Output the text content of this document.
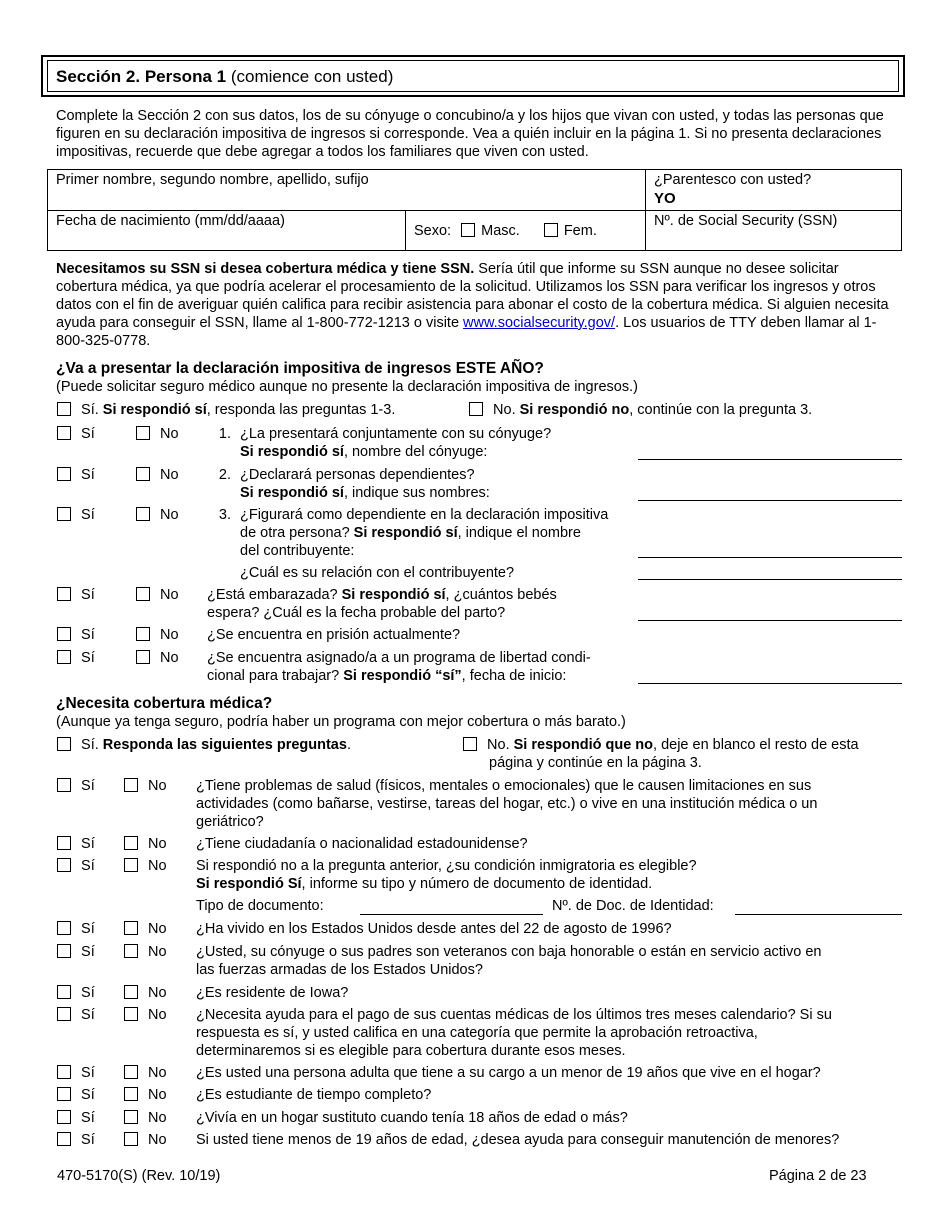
Sección 2. Persona 1 (comience con usted)
Complete la Sección 2 con sus datos, los de su cónyuge o concubino/a y los hijos que vivan con usted, y todas las personas que figuren en su declaración impositiva de ingresos si corresponde. Vea a quién incluir en la página 1. Si no presenta declaraciones impositivas, recuerde que debe agregar a todos los familiares que viven con usted.
Primer nombre, segundo nombre, apellido, sufijo	¿Parentesco con usted?
YO
Fecha de nacimiento (mm/dd/aaaa)
Sexo: Masc.	Fem.
Nº. de Social Security (SSN)
Necesitamos su SSN si desea cobertura médica y tiene SSN. Sería útil que informe su SSN aunque no desee solicitar cobertura médica, ya que podría acelerar el procesamiento de la solicitud. Utilizamos los SSN para verificar los ingresos y otros datos con el fin de averiguar quién califica para recibir asistencia para abonar el costo de la cobertura médica. Si alguien necesita ayuda para conseguir el SSN, llame al 1-800-772-1213 o visite www.socialsecurity.gov/. Los usuarios de TTY deben llamar al 1-800-325-0778.
¿Va a presentar la declaración impositiva de ingresos ESTE AÑO?
(Puede solicitar seguro médico aunque no presente la declaración impositiva de ingresos.)
Sí. Si respondió sí, responda las preguntas 1-3.	No. Si respondió no, continúe con la pregunta 3.
Sí	No	1. ¿La presentará conjuntamente con su cónyuge?
Si respondió sí, nombre del cónyuge:
Sí	No	2. ¿Declarará personas dependientes?
Si respondió sí, indique sus nombres:
Sí	No	3. ¿Figurará como dependiente en la declaración impositiva
de otra persona? Si respondió sí, indique el nombre
del contribuyente:
¿Cuál es su relación con el contribuyente?
Sí	No ¿Está embarazada? Si respondió sí, ¿cuántos bebés
espera? ¿Cuál es la fecha probable del parto?
Sí	No ¿Se encuentra en prisión actualmente?
Sí	No ¿Se encuentra asignado/a a un programa de libertad condi-
cional para trabajar? Si respondió “sí”, fecha de inicio:
¿Necesita cobertura médica?
(Aunque ya tenga seguro, podría haber un programa con mejor cobertura o más barato.)
Sí. Responda las siguientes preguntas.	No. Si respondió que no, deje en blanco el resto de esta
página y continúe en la página 3.
Sí	No ¿Tiene problemas de salud (físicos, mentales o emocionales) que le causen limitaciones en sus
actividades (como bañarse, vestirse, tareas del hogar, etc.) o vive en una institución médica o un
geriátrico?
Sí	No ¿Tiene ciudadanía o nacionalidad estadounidense?
Sí	No Si respondió no a la pregunta anterior, ¿su condición inmigratoria es elegible?
Si respondió Sí, informe su tipo y número de documento de identidad.
Tipo de documento:	Nº. de Doc. de Identidad:
Sí	No ¿Ha vivido en los Estados Unidos desde antes del 22 de agosto de 1996?
Sí	No ¿Usted, su cónyuge o sus padres son veteranos con baja honorable o están en servicio activo en
las fuerzas armadas de los Estados Unidos?
Sí	No ¿Es residente de Iowa?
Sí	No ¿Necesita ayuda para el pago de sus cuentas médicas de los últimos tres meses calendario? Si su
respuesta es sí, y usted califica en una categoría que permite la aprobación retroactiva,
determinaremos si es elegible para cobertura durante esos meses.
Sí	No ¿Es usted una persona adulta que tiene a su cargo a un menor de 19 años que vive en el hogar?
Sí	No ¿Es estudiante de tiempo completo?
Sí	No ¿Vivía en un hogar sustituto cuando tenía 18 años de edad o más?
Sí	No Si usted tiene menos de 19 años de edad, ¿desea ayuda para conseguir manutención de menores?
470-5170(S) (Rev. 10/19)	Página 2 de 23
